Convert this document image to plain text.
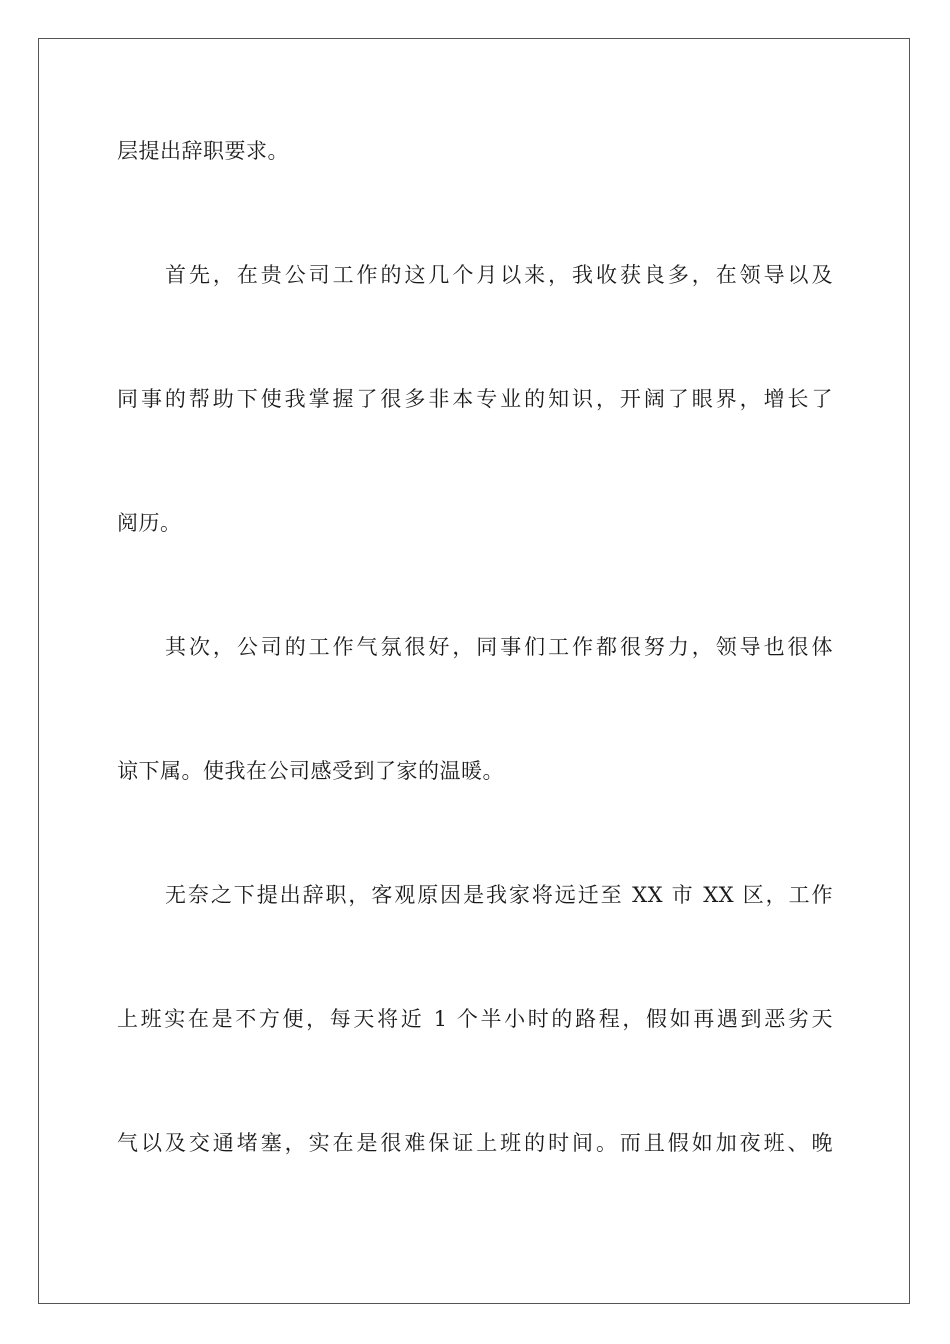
层提出辞职要求。
首先，在贵公司工作的这几个月以来，我收获良多，在领导以及
同事的帮助下使我掌握了很多非本专业的知识，开阔了眼界，增长了
阅历。
其次，公司的工作气氛很好，同事们工作都很努力，领导也很体
谅下属。使我在公司感受到了家的温暖。
无奈之下提出辞职，客观原因是我家将远迁至 XX 市 XX 区，工作
上班实在是不方便，每天将近 1 个半小时的路程，假如再遇到恶劣天
气以及交通堵塞，实在是很难保证上班的时间。而且假如加夜班、晚
